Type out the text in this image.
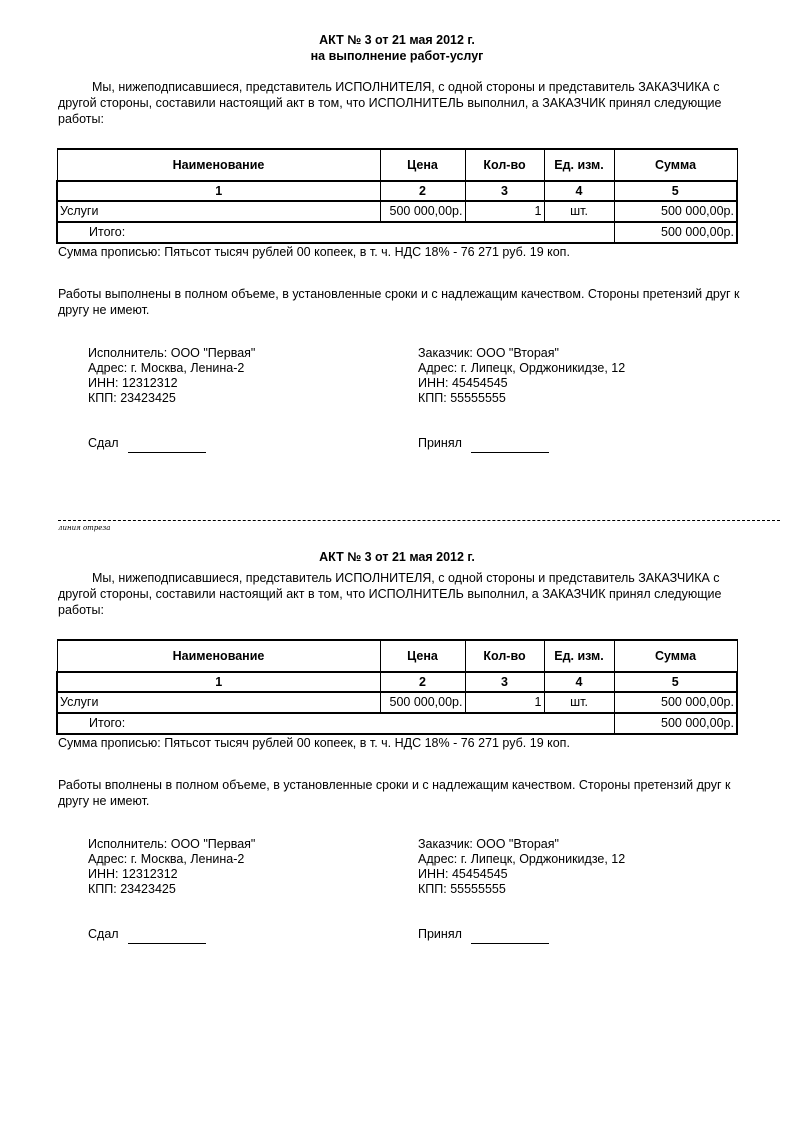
АКТ № 3 от 21 мая 2012 г.
на выполнение работ-услуг
Мы, нижеподписавшиеся, представитель ИСПОЛНИТЕЛЯ, с одной стороны и представитель ЗАКАЗЧИКА с другой стороны, составили настоящий акт в том, что ИСПОЛНИТЕЛЬ выполнил, а ЗАКАЗЧИК принял следующие работы:
Наименование	Цена	Кол-во	Ед. изм.	Сумма
1	2	3	4	5
Услуги	500 000,00р.	1	шт.	500 000,00р.
Итого:				500 000,00р.
Сумма прописью: Пятьсот тысяч рублей 00 копеек, в т. ч. НДС 18% - 76 271 руб. 19 коп.
Работы выполнены в полном объеме, в установленные сроки и с надлежащим качеством. Стороны претензий друг к другу не имеют.
Исполнитель: ООО "Первая"
Адрес: г. Москва, Ленина-2
ИНН: 12312312
КПП: 23423425
Заказчик: ООО "Вторая"
Адрес: г. Липецк, Орджоникидзе, 12
ИНН: 45454545
КПП: 55555555
Сдал	Принял
линия отреза
АКТ № 3 от 21 мая 2012 г.
Мы, нижеподписавшиеся, представитель ИСПОЛНИТЕЛЯ, с одной стороны и представитель ЗАКАЗЧИКА с другой стороны, составили настоящий акт в том, что ИСПОЛНИТЕЛЬ выполнил, а ЗАКАЗЧИК принял следующие работы:
Наименование	Цена	Кол-во	Ед. изм.	Сумма
1	2	3	4	5
Услуги	500 000,00р.	1	шт.	500 000,00р.
Итого:				500 000,00р.
Сумма прописью: Пятьсот тысяч рублей 00 копеек, в т. ч. НДС 18% - 76 271 руб. 19 коп.
Работы вполнены в полном объеме, в установленные сроки и с надлежащим качеством. Стороны претензий друг к другу не имеют.
Исполнитель: ООО "Первая"
Адрес: г. Москва, Ленина-2
ИНН: 12312312
КПП: 23423425
Заказчик: ООО "Вторая"
Адрес: г. Липецк, Орджоникидзе, 12
ИНН: 45454545
КПП: 55555555
Сдал	Принял
